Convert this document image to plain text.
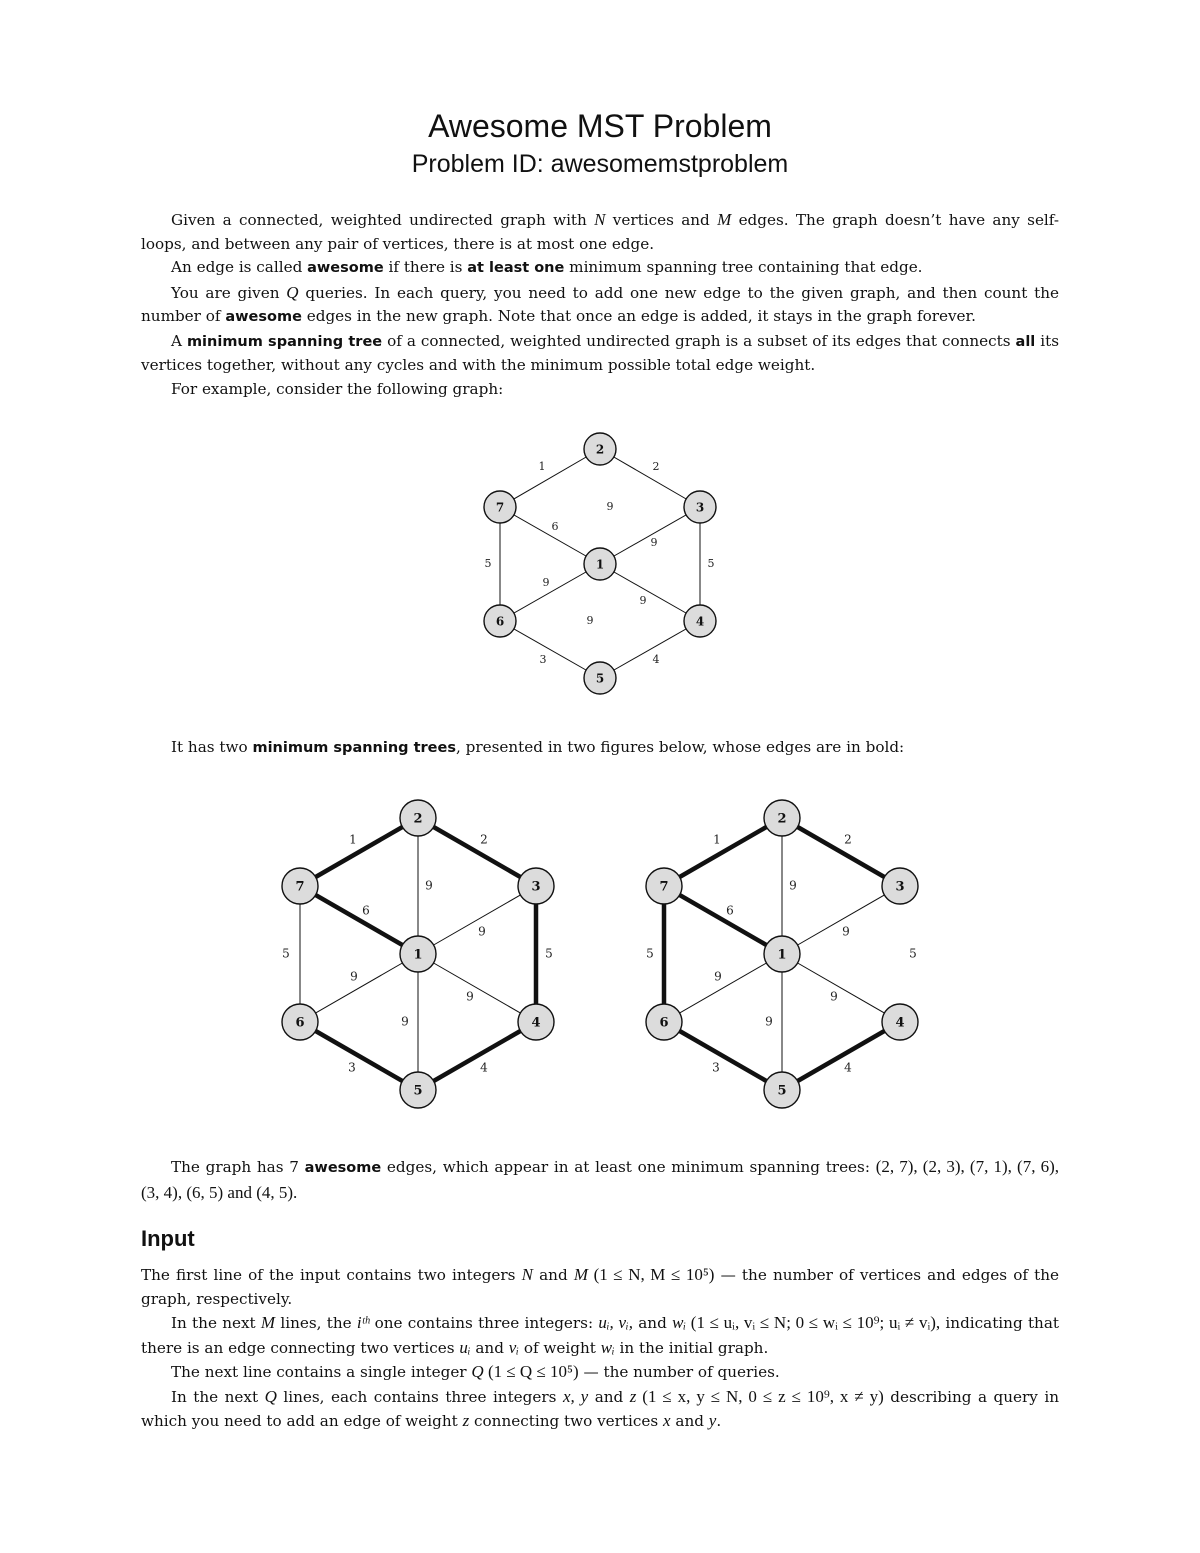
Awesome MST Problem
Problem ID: awesomemstproblem
Given a connected, weighted undirected graph with N vertices and M edges. The graph doesn’t have any self-loops, and between any pair of vertices, there is at most one edge.
An edge is called awesome if there is at least one minimum spanning tree containing that edge.
You are given Q queries. In each query, you need to add one new edge to the given graph, and then count the number of awesome edges in the new graph. Note that once an edge is added, it stays in the graph forever.
A minimum spanning tree of a connected, weighted undirected graph is a subset of its edges that connects all its vertices together, without any cycles and with the minimum possible total edge weight.
For example, consider the following graph:
1	2
9
6
9
5	5
9
9
3	4
9
1
2
3
4
5
6
7
It has two minimum spanning trees, presented in two figures below, whose edges are in bold:
1	2
9
6
9
5	5
9
9
3	4
9
1
2
3
4
5
6
7
1	2
9
6
9
5	5
9
9
3	4
9
1
2
3
4
5
6
7
The graph has 7 awesome edges, which appear in at least one minimum spanning trees: (2, 7), (2, 3), (7, 1), (7, 6), (3, 4), (6, 5) and (4, 5).
Input
The first line of the input contains two integers N and M (1 ≤ N, M ≤ 10⁵) — the number of vertices and edges of the graph, respectively.
In the next M lines, the iᵗʰ one contains three integers: uᵢ, vᵢ, and wᵢ (1 ≤ uᵢ, vᵢ ≤ N; 0 ≤ wᵢ ≤ 10⁹; uᵢ ≠ vᵢ), indicating that there is an edge connecting two vertices uᵢ and vᵢ of weight wᵢ in the initial graph.
The next line contains a single integer Q (1 ≤ Q ≤ 10⁵) — the number of queries.
In the next Q lines, each contains three integers x, y and z (1 ≤ x, y ≤ N, 0 ≤ z ≤ 10⁹, x ≠ y) describing a query in which you need to add an edge of weight z connecting two vertices x and y.
